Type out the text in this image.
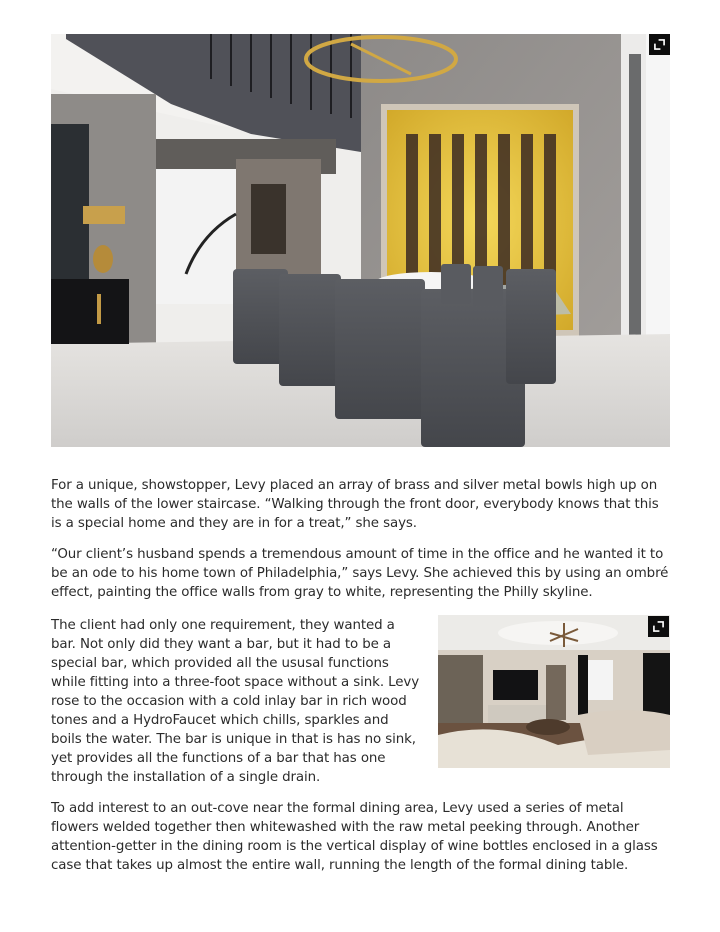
For a unique, showstopper, Levy placed an array of brass and silver metal bowls high up on the walls of the lower staircase. “Walking through the front door, everybody knows that this is a special home and they are in for a treat,” she says.

“Our client’s husband spends a tremendous amount of time in the office and he wanted it to be an ode to his home town of Philadelphia,” says Levy. She achieved this by using an ombré effect, painting the office walls from gray to white, representing the Philly skyline.

The client had only one requirement, they wanted a bar. Not only did they want a bar, but it had to be a special bar, which provided all the ususal functions while fitting into a three-foot space without a sink. Levy rose to the occasion with a cold inlay bar in rich wood tones and a HydroFaucet which chills, sparkles and boils the water. The bar is unique in that is has no sink, yet provides all the functions of a bar that has one through the installation of a single drain.

To add interest to an out-cove near the formal dining area, Levy used a series of metal flowers welded together then whitewashed with the raw metal peeking through. Another attention-getter in the dining room is the vertical display of wine bottles enclosed in a glass case that takes up almost the entire wall, running the length of the formal dining table.
